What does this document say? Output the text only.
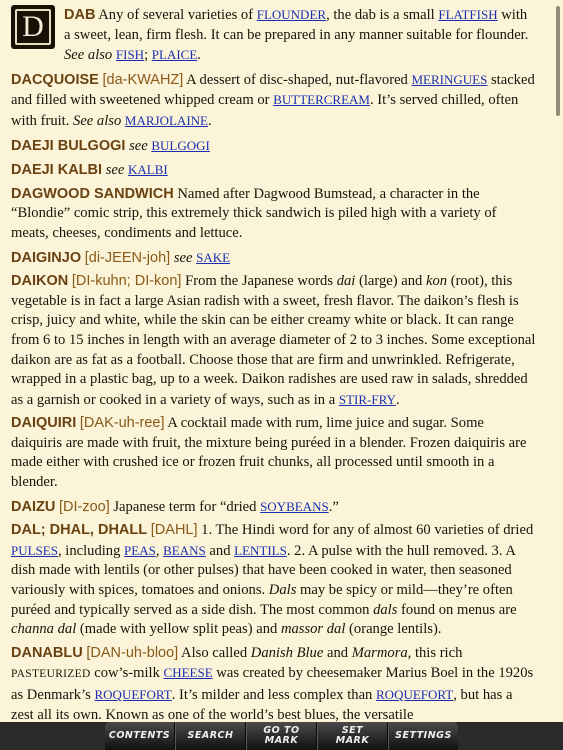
D	DAB Any of several varieties of FLOUNDER, the dab is a small FLATFISH with a sweet, lean, firm flesh. It can be prepared in any manner suitable for flounder. See also FISH; PLAICE.
DACQUOISE [da-KWAHZ] A dessert of disc-shaped, nut-flavored MERINGUES stacked and filled with sweetened whipped cream or BUTTERCREAM. It’s served chilled, often with fruit. See also MARJOLAINE.
DAEJI BULGOGI see BULGOGI
DAEJI KALBI see KALBI
DAGWOOD SANDWICH Named after Dagwood Bumstead, a character in the “Blondie” comic strip, this extremely thick sandwich is piled high with a variety of meats, cheeses, condiments and lettuce.
DAIGINJO [di-JEEN-joh] see SAKE
DAIKON [DI-kuhn; DI-kon] From the Japanese words dai (large) and kon (root), this vegetable is in fact a large Asian radish with a sweet, fresh flavor. The daikon’s flesh is crisp, juicy and white, while the skin can be either creamy white or black. It can range from 6 to 15 inches in length with an average diameter of 2 to 3 inches. Some exceptional daikon are as fat as a football. Choose those that are firm and unwrinkled. Refrigerate, wrapped in a plastic bag, up to a week. Daikon radishes are used raw in salads, shredded as a garnish or cooked in a variety of ways, such as in a STIR-FRY.
DAIQUIRI [DAK-uh-ree] A cocktail made with rum, lime juice and sugar. Some daiquiris are made with fruit, the mixture being puréed in a blender. Frozen daiquiris are made either with crushed ice or frozen fruit chunks, all processed until smooth in a blender.
DAIZU [DI-zoo] Japanese term for “dried SOYBEANS.”
DAL; DHAL, DHALL [DAHL] 1. The Hindi word for any of almost 60 varieties of dried PULSES, including PEAS, BEANS and LENTILS. 2. A pulse with the hull removed. 3. A dish made with lentils (or other pulses) that have been cooked in water, then seasoned variously with spices, tomatoes and onions. Dals may be spicy or mild—they’re often puréed and typically served as a side dish. The most common dals found on menus are channa dal (made with yellow split peas) and massor dal (orange lentils).
DANABLU [DAN-uh-bloo] Also called Danish Blue and Marmora, this rich PASTEURIZED cow’s-milk CHEESE was created by cheesemaker Marius Boel in the 1920s as Denmark’s ROQUEFORT. It’s milder and less complex than ROQUEFORT, but has a zest all its own. Known as one of the world’s best blues, the versatile
CONTENTS	SEARCH	GO TO
MARK
SET
MARK	SETTINGS
